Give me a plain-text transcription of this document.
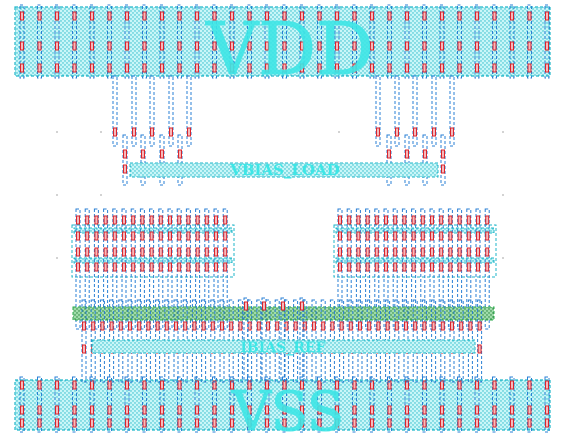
VDD
VSS
VBIAS_LOAD
IBIAS_REF
